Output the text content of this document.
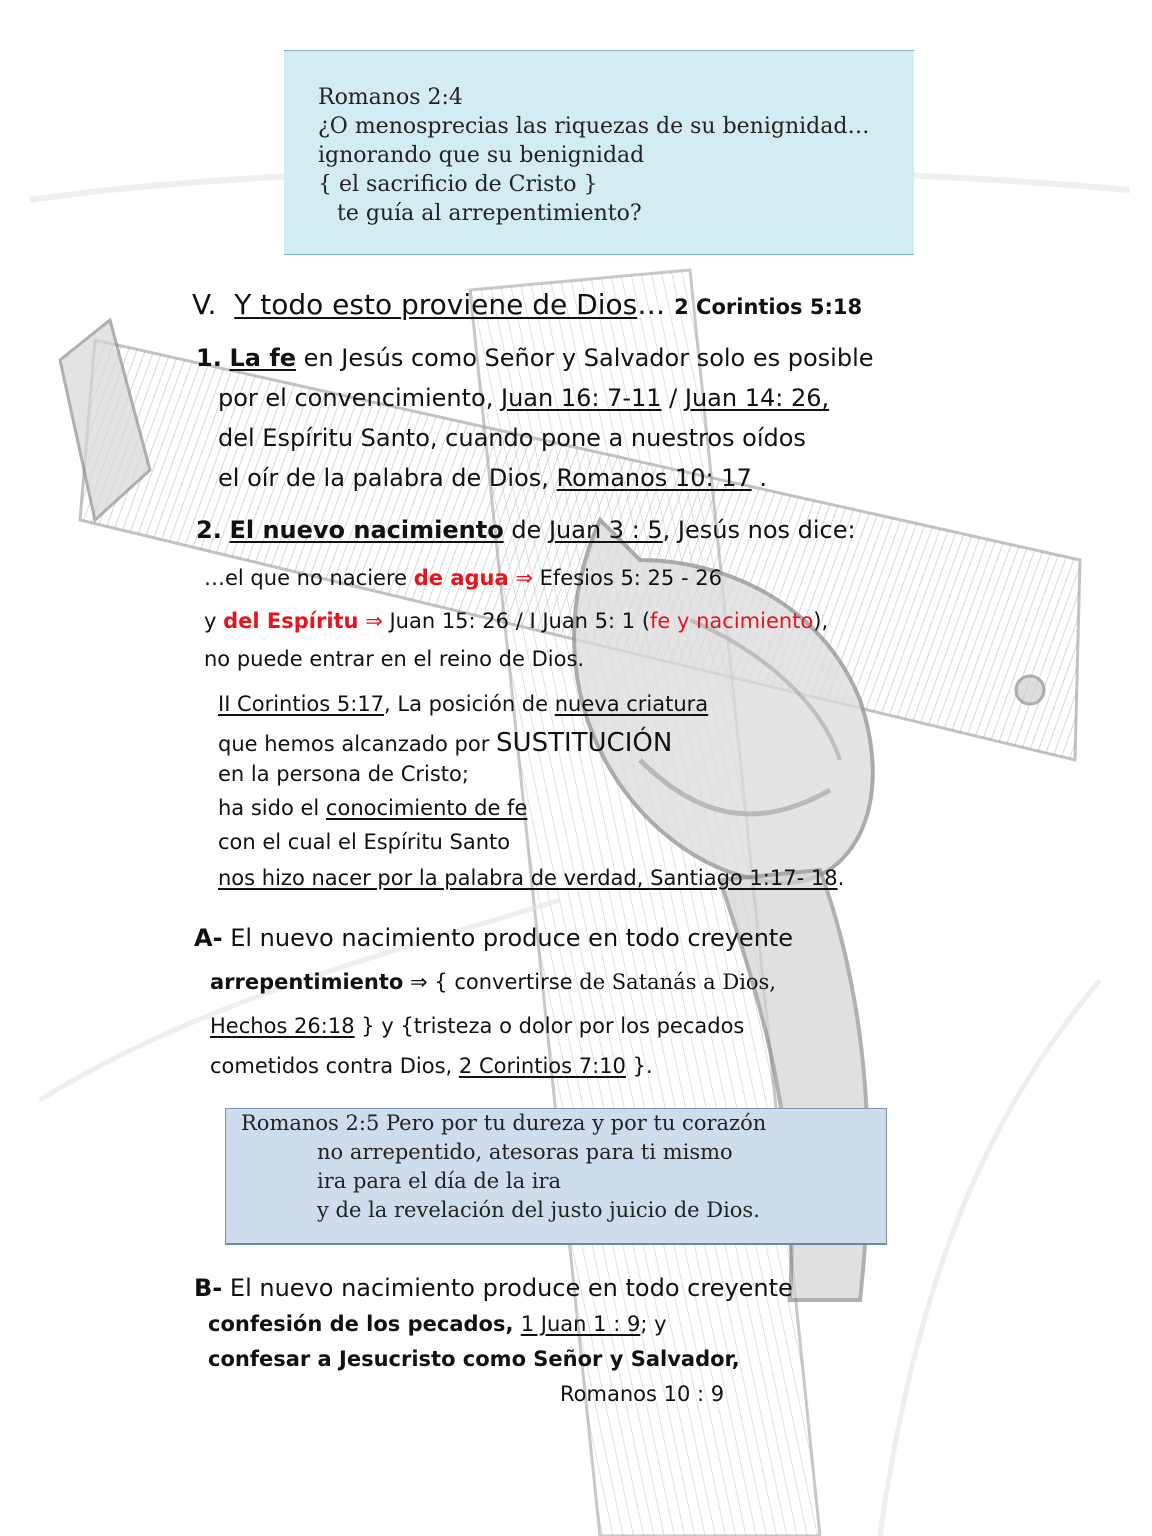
Romanos 2:4
¿O menosprecias las riquezas de su benignidad…
ignorando que su benignidad
{ el sacrificio de Cristo }
te guía al arrepentimiento?
V. Y todo esto proviene de Dios… 2 Corintios 5:18
1. La fe en Jesús como Señor y Salvador solo es posible
por el convencimiento, Juan 16: 7-11 / Juan 14: 26,
del Espíritu Santo, cuando pone a nuestros oídos
el oír de la palabra de Dios, Romanos 10: 17 .
2. El nuevo nacimiento de Juan 3 : 5, Jesús nos dice:
…el que no naciere de agua ⇒ Efesios 5: 25 - 26
y del Espíritu ⇒ Juan 15: 26 / I Juan 5: 1 (fe y nacimiento),
no puede entrar en el reino de Dios.
II Corintios 5:17, La posición de nueva criatura
que hemos alcanzado por SUSTITUCIÓN
en la persona de Cristo;
ha sido el conocimiento de fe
con el cual el Espíritu Santo
nos hizo nacer por la palabra de verdad, Santiago 1:17- 18.
A- El nuevo nacimiento produce en todo creyente
arrepentimiento ⇒ { convertirse de Satanás a Dios,
Hechos 26:18 } y {tristeza o dolor por los pecados
cometidos contra Dios, 2 Corintios 7:10 }.
Romanos 2:5 Pero por tu dureza y por tu corazón
no arrepentido, atesoras para ti mismo
ira para el día de la ira
y de la revelación del justo juicio de Dios.
B- El nuevo nacimiento produce en todo creyente
confesión de los pecados, 1 Juan 1 : 9; y
confesar a Jesucristo como Señor y Salvador,
Romanos 10 : 9
